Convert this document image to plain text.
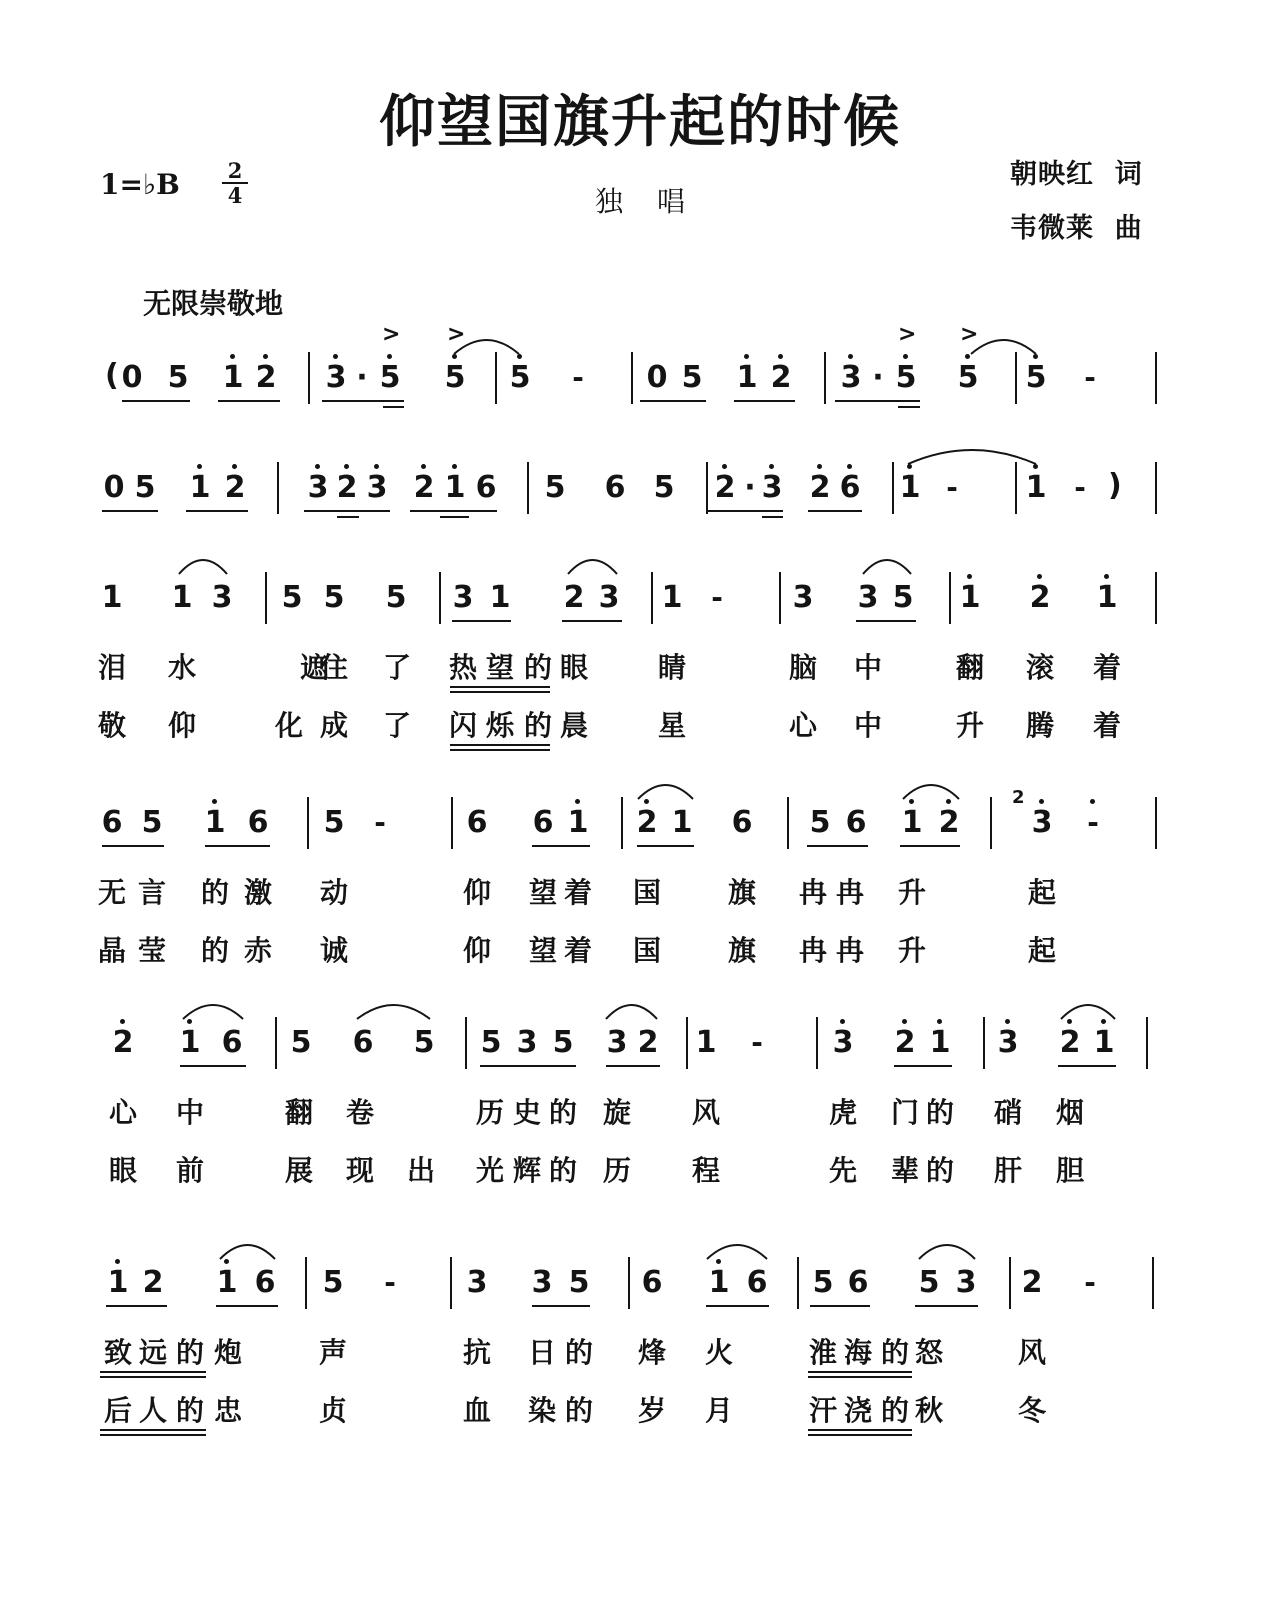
仰望国旗升起的时候
1=♭B 2
4	独唱
朝映红  词
韦微莱  曲
无限崇敬地
0 5	1 2	3 · 5	5	5	-	0 5	1 2	3 · 5	5	5	-
> >	> >
(
0 5	1 2	3 2 3 2 1 6	5	6 5	2 · 3 2 6	1 -	1 - )
1	1 3	5 5	5	3 1	2 3	1	-	3	3 5	1	2	1
泪 水	遮
住 了 热 望 的 眼 睛	脑 中	翻 滚 着
敬 仰	化 成 了 闪 烁 的 晨 星	心 中	升 腾 着
6 5	1 6	5	-	6	6 1	2 1	6	5 6	1 2	3	-
2
无 言 的 激 动	仰 望 着 国 旗 冉 冉 升	起
晶 莹 的 赤 诚	仰 望 着 国 旗 冉 冉 升	起
2	1 6	5	6	5	5 3 5	3 2	1	-	3	2 1	3	2 1
心 中	翻 卷	历 史 的 旋 风	虎 门 的 硝 烟
眼 前	展 现 出 光 辉 的 历 程	先 辈 的 肝 胆
1 2	1 6	5	-	3	3 5	6	1 6	5 6	5 3	2	-
致 远 的 炮	声	抗 日 的 烽 火	淮 海 的 怒	风
后 人 的 忠	贞	血 染 的 岁 月	汗 浇 的 秋	冬
